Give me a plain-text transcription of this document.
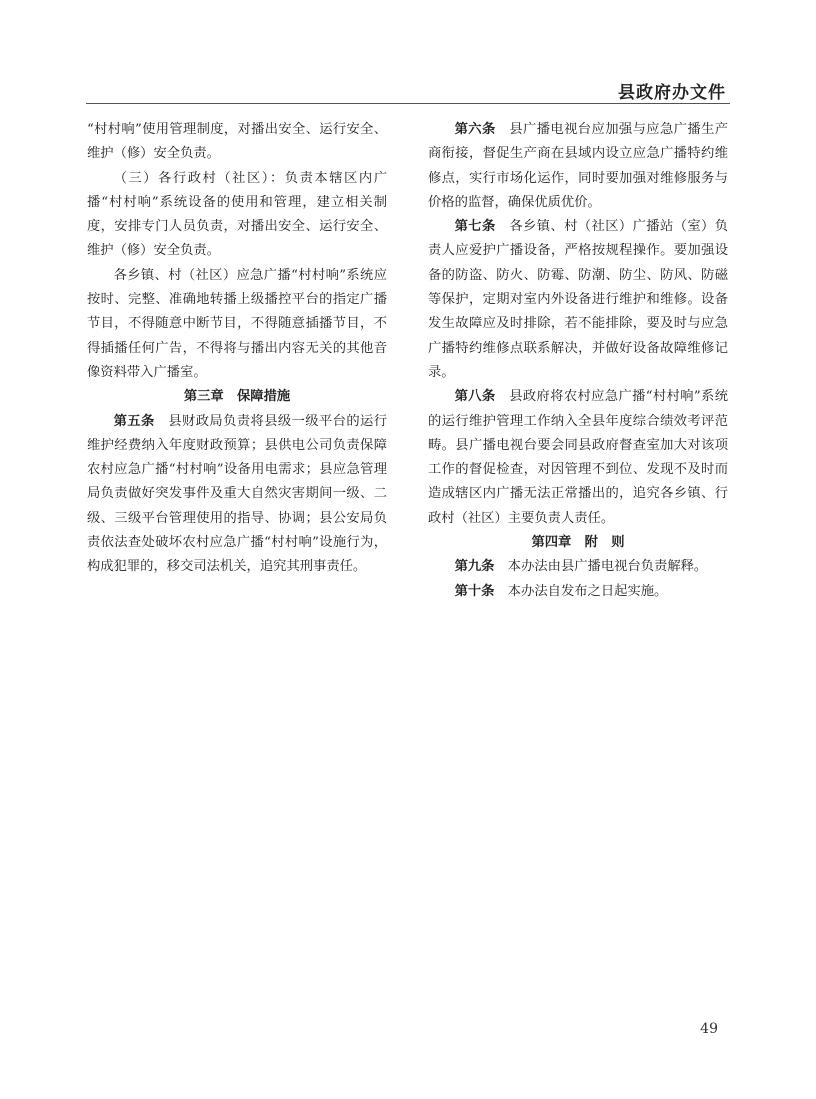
县政府办文件

“村村响”使用管理制度，对播出安全、运行安全、维护（修）安全负责。

（三）各行政村（社区）：负责本辖区内广播“村村响”系统设备的使用和管理，建立相关制度，安排专门人员负责，对播出安全、运行安全、维护（修）安全负责。

各乡镇、村（社区）应急广播“村村响”系统应按时、完整、准确地转播上级播控平台的指定广播节目，不得随意中断节目，不得随意插播节目，不得插播任何广告，不得将与播出内容无关的其他音像资料带入广播室。

第三章　保障措施

第五条　县财政局负责将县级一级平台的运行维护经费纳入年度财政预算；县供电公司负责保障农村应急广播“村村响”设备用电需求；县应急管理局负责做好突发事件及重大自然灾害期间一级、二级、三级平台管理使用的指导、协调；县公安局负责依法查处破坏农村应急广播“村村响”设施行为，构成犯罪的，移交司法机关，追究其刑事责任。

第六条　县广播电视台应加强与应急广播生产商衔接，督促生产商在县域内设立应急广播特约维修点，实行市场化运作，同时要加强对维修服务与价格的监督，确保优质优价。

第七条　各乡镇、村（社区）广播站（室）负责人应爱护广播设备，严格按规程操作。要加强设备的防盗、防火、防霉、防潮、防尘、防风、防磁等保护，定期对室内外设备进行维护和维修。设备发生故障应及时排除，若不能排除，要及时与应急广播特约维修点联系解决，并做好设备故障维修记录。

第八条　县政府将农村应急广播“村村响”系统的运行维护管理工作纳入全县年度综合绩效考评范畴。县广播电视台要会同县政府督查室加大对该项工作的督促检查，对因管理不到位、发现不及时而造成辖区内广播无法正常播出的，追究各乡镇、行政村（社区）主要负责人责任。

第四章　附　则

第九条　本办法由县广播电视台负责解释。

第十条　本办法自发布之日起实施。

49
